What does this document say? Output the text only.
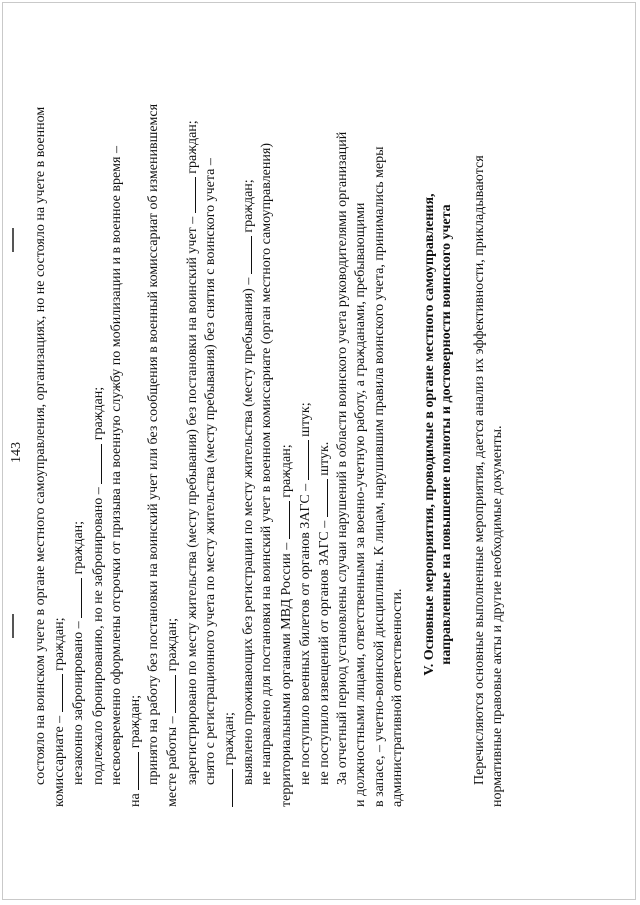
143 состояло на воинском учете в органе местного самоуправления, организациях, но не состояло на учете в военном комиссариате –  граждан; незаконно забронировано –  граждан; подлежало бронированию, но не забронировано –  граждан; несвоевременно оформлены отсрочки от призыва на военную службу по мобилизации и в военное время –

на  граждан; принято на работу без постановки на воинский учет или без сообщения в военный комиссариат об изменившемся месте работы –  граждан; зарегистрировано по месту жительства (месту пребывания) без постановки на воинский учет –  граждан;

снято с регистрационного учета по месту жительства (месту пребывания) без снятия с воинского учета – граждан; выявлено проживающих без регистрации по месту жительства (месту пребывания) –  граждан; не направлено для постановки на воинский учет в военном комиссариате (орган местного самоуправления) территориальными органами МВД России –  граждан;

не поступило военных билетов от органов ЗАГС –  штук;

не поступило извещений от органов ЗАГС –  штук. За отчетный период установлены случаи нарушений в области воинского учета руководителями организаций и должностными лицами, ответственными за военно-учетную работу, а гражданами, пребывающими в запасе, – учетно-воинской дисциплины. К лицам, нарушившим правила воинского учета, принимались меры административной ответственности.

V. Основные мероприятия, проводимые в органе местного самоуправления, направленные на повышение полноты и достоверности воинского учета Перечисляются основные выполненные мероприятия, дается анализ их эффективности, прикладываются нормативные правовые акты и другие необходимые документы.
